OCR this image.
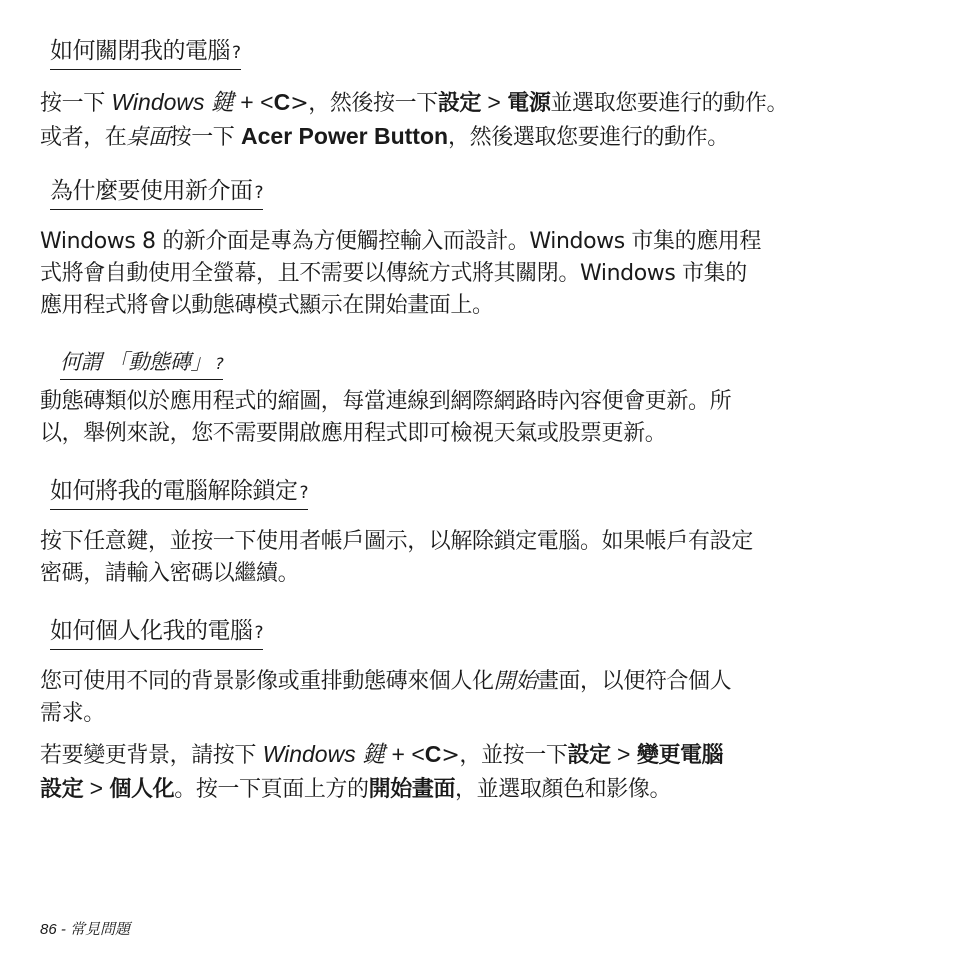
如何關閉我的電腦 ?
按一下 Windows 鍵 + <C>，然後按一下設定 > 電源並選取您要進行的動作。
或者，在桌面按一下 Acer Power Button，然後選取您要進行的動作。
為什麼要使用新介面 ?
Windows 8 的新介面是專為方便觸控輸入而設計。Windows 市集的應用程
式將會自動使用全螢幕，且不需要以傳統方式將其關閉。Windows 市集的
應用程式將會以動態磚模式顯示在開始畫面上。
何謂 「動態磚」 ?
動態磚類似於應用程式的縮圖，每當連線到網際網路時內容便會更新。所
以，舉例來說，您不需要開啟應用程式即可檢視天氣或股票更新。
如何將我的電腦解除鎖定 ?
按下任意鍵，並按一下使用者帳戶圖示，以解除鎖定電腦。如果帳戶有設定
密碼，請輸入密碼以繼續。
如何個人化我的電腦 ?
您可使用不同的背景影像或重排動態磚來個人化開始畫面，以便符合個人
需求。
若要變更背景，請按下 Windows 鍵 + <C>，並按一下設定 > 變更電腦
設定 > 個人化。按一下頁面上方的開始畫面，並選取顏色和影像。
86 - 常見問題
